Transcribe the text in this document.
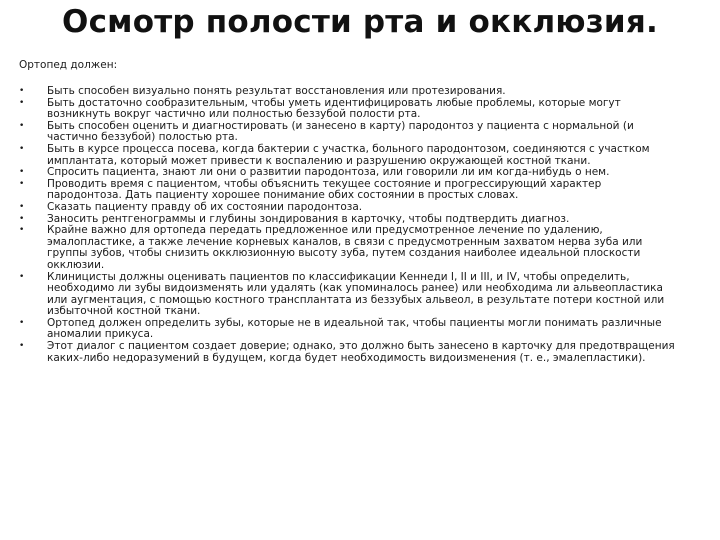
Осмотр полости рта и окклюзия.
Ортопед должен:
• Быть способен визуально понять результат восстановления или протезирования.
• Быть достаточно сообразительным, чтобы уметь идентифицировать любые проблемы, которые могут возникнуть вокруг частично или полностью беззубой полости рта.
• Быть способен оценить и диагностировать (и занесено в карту) пародонтоз у пациента с нормальной (и частично беззубой) полостью рта.
• Быть в курсе процесса посева, когда бактерии с участка, больного пародонтозом, соединяются с участком имплантата, который может привести к воспалению и разрушению окружающей костной ткани.
• Спросить пациента, знают ли они о развитии пародонтоза, или говорили ли им когда-нибудь о нем.
• Проводить время с пациентом, чтобы объяснить текущее состояние и прогрессирующий характер пародонтоза. Дать пациенту хорошее понимание обих состоянии в простых словах.
• Сказать пациенту правду об их состоянии пародонтоза.
• Заносить рентгенограммы и глубины зондирования в карточку, чтобы подтвердить диагноз.
• Крайне важно для ортопеда передать предложенное или предусмотренное лечение по удалению, эмалопластике, а также лечение корневых каналов, в связи с предусмотренным захватом нерва зуба или группы зубов, чтобы снизить окклюзионную высоту зуба, путем создания наиболее идеальной плоскости окклюзии.
• Клиницисты должны оценивать пациентов по классификации Кеннеди I, II и III, и IV, чтобы определить, необходимо ли зубы видоизменять или удалять (как упоминалось ранее) или необходима ли альвеопластика или аугментация, с помощью костного трансплантата из беззубых альвеол, в результате потери костной или избыточной костной ткани.
• Ортопед должен определить зубы, которые не в идеальной так, чтобы пациенты могли понимать различные аномалии прикуса.
• Этот диалог с пациентом создает доверие; однако, это должно быть занесено в карточку для предотвращения каких-либо недоразумений в будущем, когда будет необходимость видоизменения (т. е., эмалепластики).
